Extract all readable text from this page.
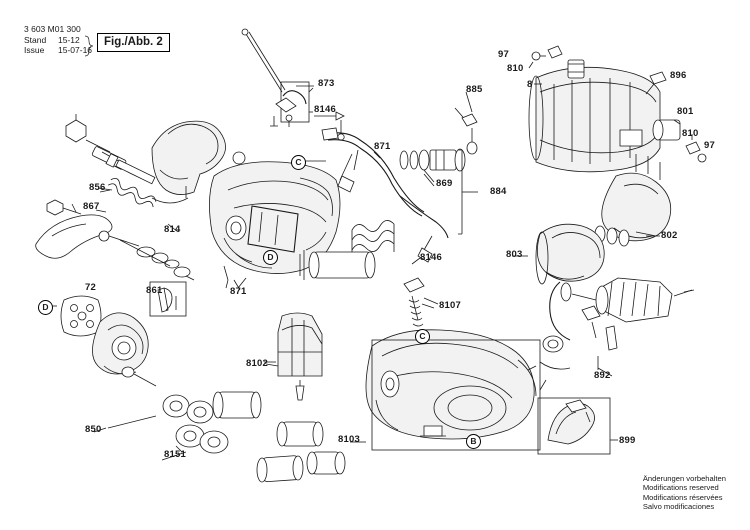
3 603 M01 300
Stand 15-12
Issue 15-07-16
Fig./Abb. 2
873
8146
885
97
810
8
896
801
810
97
871
869
884
856
867
814
8146
802
803
871
861
72
8107
8102
892
850
8151
8103	899
C
D
D
C
B
Änderungen vorbehalten
Modifications reserved
Modifications réservées
Salvo modificaciones
